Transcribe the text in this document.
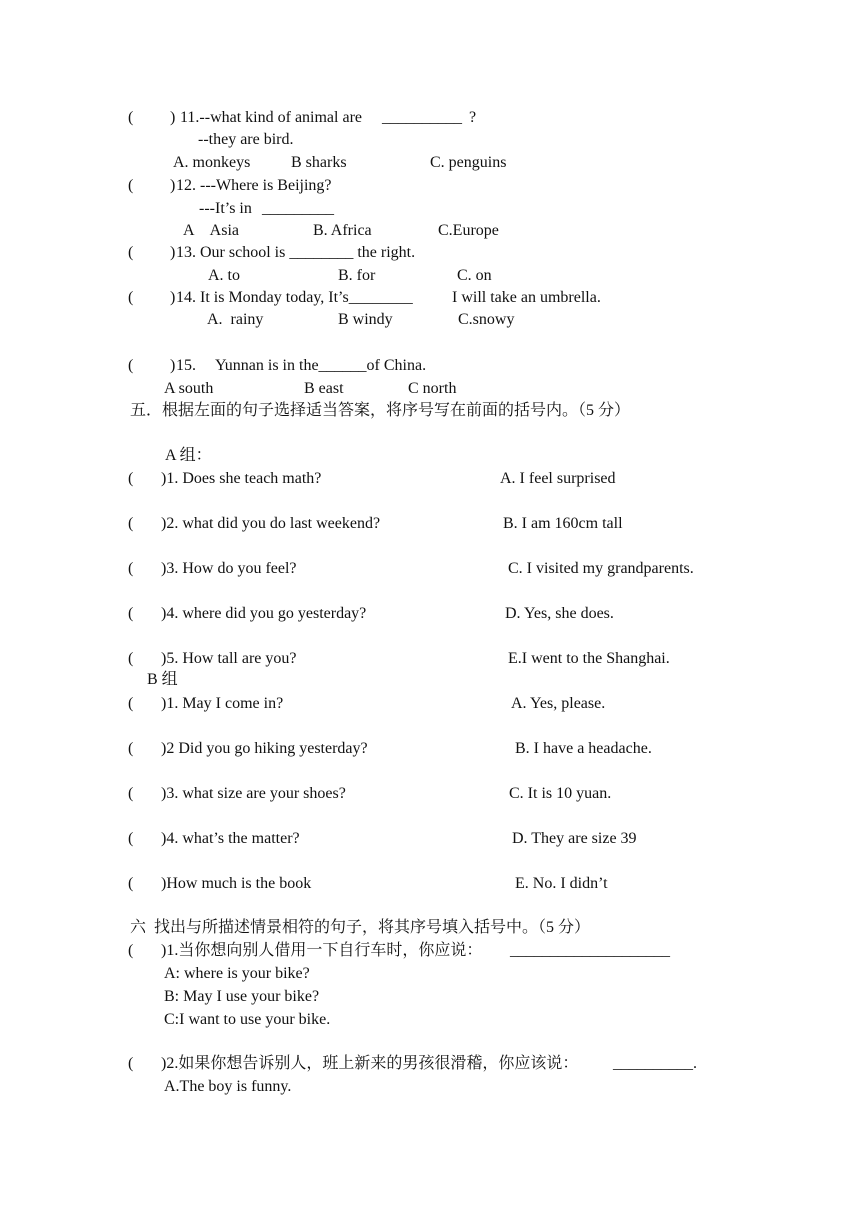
( ) 11.--what kind of animal are __________ ?
--they are bird.
A. monkeys	B sharks	C. penguins
( ) 12. ---Where is Beijing?
---It’s in _________
A　Asia	B. Africa	C.Europe
( ) 13. Our school is ________ the right.
A. to	B. for	C. on
( ) 14. It is Monday today, It’s________ I will take an umbrella.
A.  rainy	B windy	C.snowy
( ) 15. Yunnan is in the______of China.
A south	B east	C north
五．根据左面的句子选择适当答案，将序号写在前面的括号内。（5 分）
A 组：
( )1. Does she teach math?	A. I feel surprised
( )2. what did you do last weekend?	B. I am 160cm tall
( )3. How do you feel?	C. I visited my grandparents.
( )4. where did you go yesterday?	D. Yes, she does.
( )5. How tall are you?	E.I went to the Shanghai.
B 组
( )1. May I come in?	A. Yes, please.
( )2 Did you go hiking yesterday?	B. I have a headache.
( )3. what size are your shoes?	C. It is 10 yuan.
( )4. what’s the matter?	D. They are size 39
( )How much is the book	E. No. I didn’t
六  找出与所描述情景相符的句子，将其序号填入括号中。（5 分）
( )1.当你想向别人借用一下自行车时，你应说： ____________________
A: where is your bike?
B: May I use your bike?
C:I want to use your bike.
( )2.如果你想告诉别人，班上新来的男孩很滑稽，你应该说： __________.
A.The boy is funny.
